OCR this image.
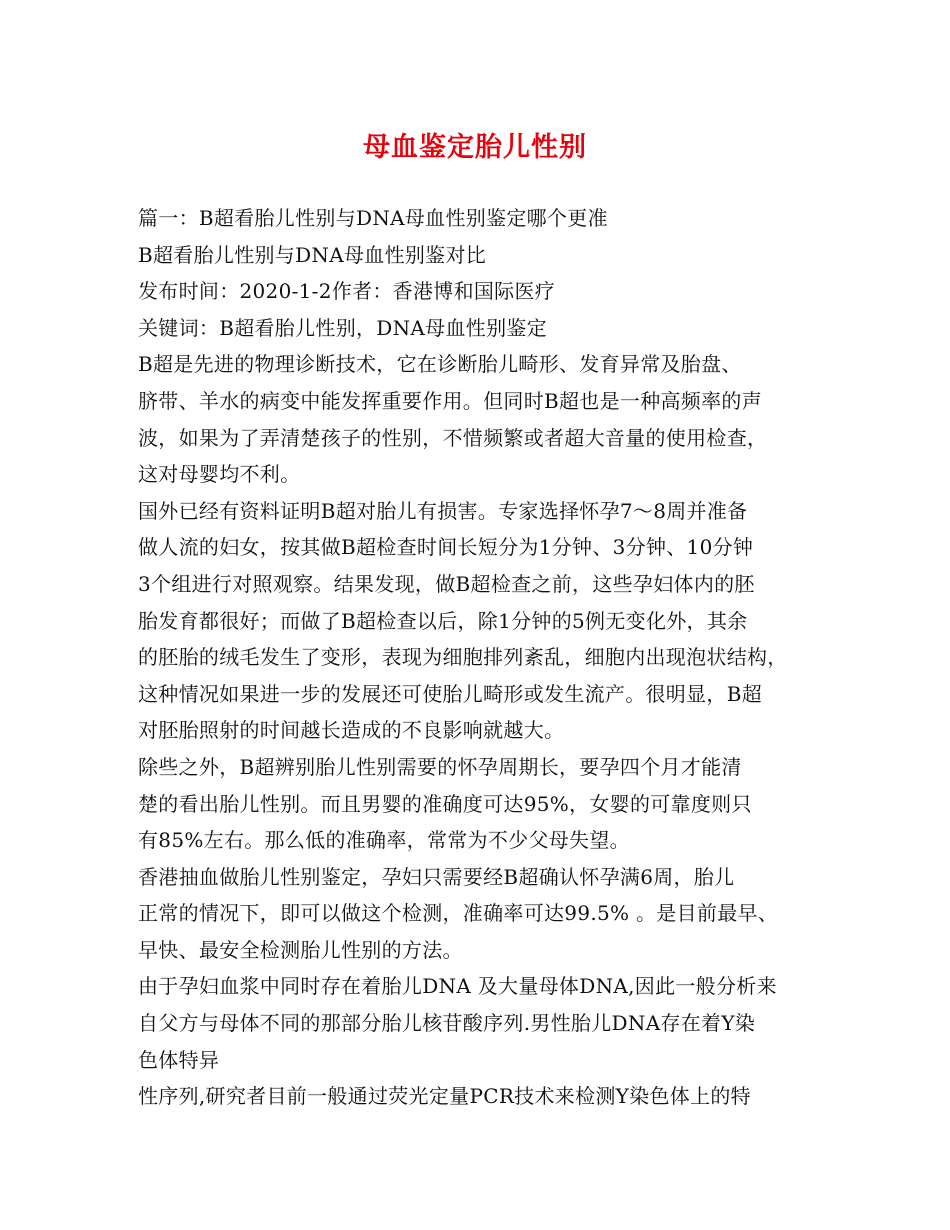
母血鉴定胎儿性别
篇一：B超看胎儿性别与DNA母血性别鉴定哪个更准
B超看胎儿性别与DNA母血性别鉴对比
发布时间：2020-1-2作者：香港博和国际医疗
关键词：B超看胎儿性别，DNA母血性别鉴定
B超是先进的物理诊断技术，它在诊断胎儿畸形、发育异常及胎盘、
脐带、羊水的病变中能发挥重要作用。但同时B超也是一种高频率的声
波，如果为了弄清楚孩子的性别，不惜频繁或者超大音量的使用检查，
这对母婴均不利。
国外已经有资料证明B超对胎儿有损害。专家选择怀孕7～8周并准备
做人流的妇女，按其做B超检查时间长短分为1分钟、3分钟、10分钟
3个组进行对照观察。结果发现，做B超检查之前，这些孕妇体内的胚
胎发育都很好；而做了B超检查以后，除1分钟的5例无变化外，其余
的胚胎的绒毛发生了变形，表现为细胞排列紊乱，细胞内出现泡状结构，
这种情况如果进一步的发展还可使胎儿畸形或发生流产。很明显，B超
对胚胎照射的时间越长造成的不良影响就越大。
除些之外，B超辨别胎儿性别需要的怀孕周期长，要孕四个月才能清
楚的看出胎儿性别。而且男婴的准确度可达95%，女婴的可靠度则只
有85%左右。那么低的准确率，常常为不少父母失望。
香港抽血做胎儿性别鉴定，孕妇只需要经B超确认怀孕满6周，胎儿
正常的情况下，即可以做这个检测，准确率可达99.5% 。是目前最早、
早快、最安全检测胎儿性别的方法。
由于孕妇血浆中同时存在着胎儿DNA 及大量母体DNA,因此一般分析来
自父方与母体不同的那部分胎儿核苷酸序列.男性胎儿DNA存在着Y染
色体特异
性序列,研究者目前一般通过荧光定量PCR技术来检测Y染色体上的特
